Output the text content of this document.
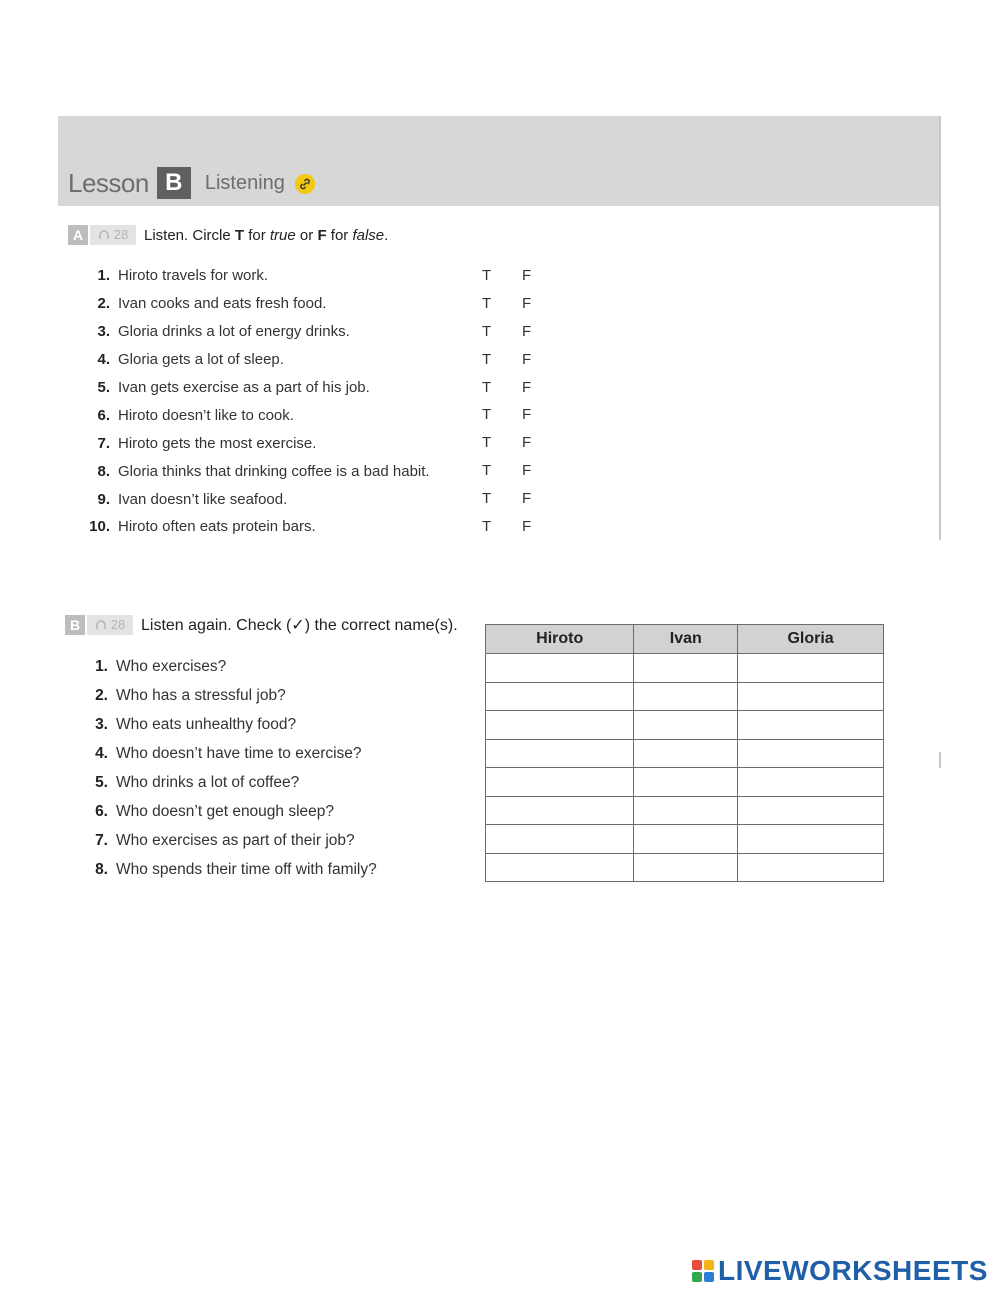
Lesson B	Listening
A	28 Listen. Circle T for true or F for false.
1. Hiroto travels for work.	T F
2. Ivan cooks and eats fresh food.	T F
3. Gloria drinks a lot of energy drinks.	T F
4. Gloria gets a lot of sleep.	T F
5. Ivan gets exercise as a part of his job.	T F
6. Hiroto doesn’t like to cook.	T F
7. Hiroto gets the most exercise.	T F
8. Gloria thinks that drinking coffee is a bad habit.	T F
9. Ivan doesn’t like seafood.	T F
10. Hiroto often eats protein bars.	T F
B	28 Listen again. Check (✓) the correct name(s).
1. Who exercises?
2. Who has a stressful job?
3. Who eats unhealthy food?
4. Who doesn’t have time to exercise?
5. Who drinks a lot of coffee?
6. Who doesn’t get enough sleep?
7. Who exercises as part of their job?
8. Who spends their time off with family?
Hiroto	Ivan	Gloria

LIVEWORKSHEETS
